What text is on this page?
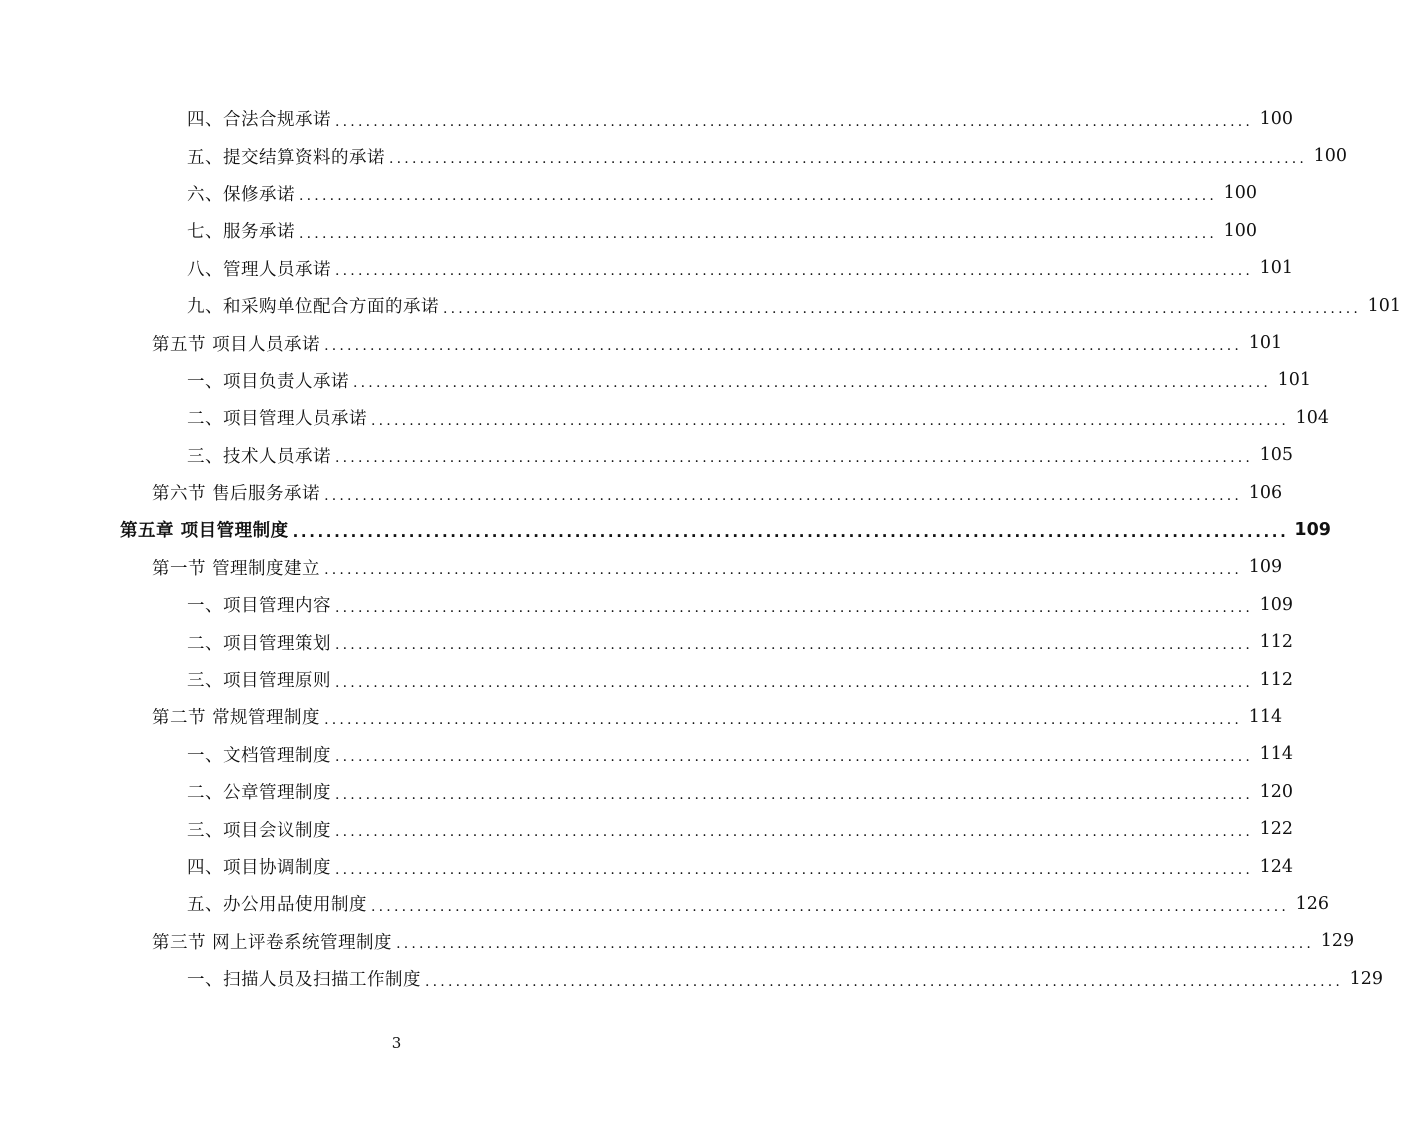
四、合法合规承诺 ........................................................................................................................ 100
五、提交结算资料的承诺 ........................................................................................................................ 100
六、保修承诺 ........................................................................................................................ 100
七、服务承诺 ........................................................................................................................ 100
八、管理人员承诺 ........................................................................................................................ 101
九、和采购单位配合方面的承诺 ........................................................................................................................ 101
第五节 项目人员承诺 ........................................................................................................................ 101
一、项目负责人承诺 ........................................................................................................................ 101
二、项目管理人员承诺 ........................................................................................................................ 104
三、技术人员承诺 ........................................................................................................................ 105
第六节 售后服务承诺 ........................................................................................................................ 106
第五章 项目管理制度 ........................................................................................................................ 109
第一节 管理制度建立 ........................................................................................................................ 109
一、项目管理内容 ........................................................................................................................ 109
二、项目管理策划 ........................................................................................................................ 112
三、项目管理原则 ........................................................................................................................ 112
第二节 常规管理制度 ........................................................................................................................ 114
一、文档管理制度 ........................................................................................................................ 114
二、公章管理制度 ........................................................................................................................ 120
三、项目会议制度 ........................................................................................................................ 122
四、项目协调制度 ........................................................................................................................ 124
五、办公用品使用制度 ........................................................................................................................ 126
第三节 网上评卷系统管理制度 ........................................................................................................................ 129
一、扫描人员及扫描工作制度 ........................................................................................................................ 129
3
